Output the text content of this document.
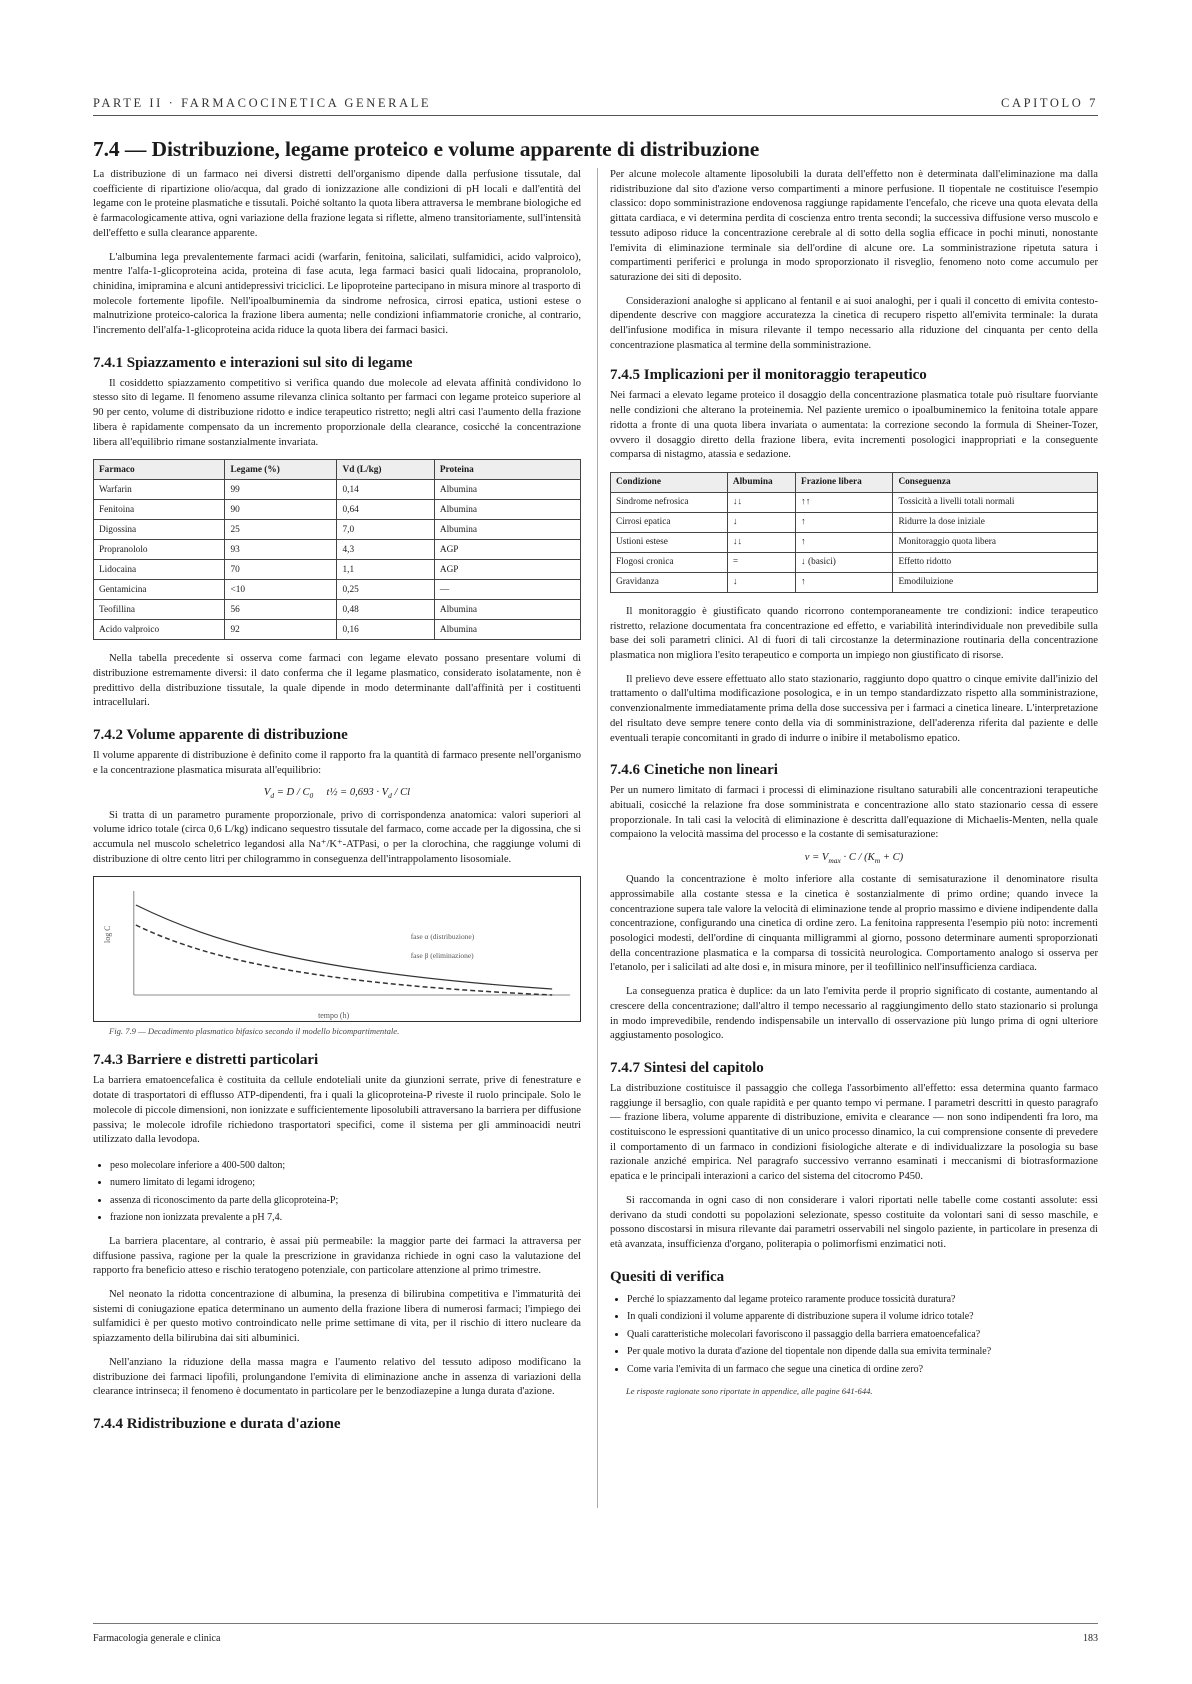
PARTE II · FARMACOCINETICA GENERALE	CAPITOLO 7
7.4 — Distribuzione, legame proteico e volume apparente di distribuzione

La distribuzione di un farmaco nei diversi distretti dell'organismo dipende dalla perfusione tissutale, dal coefficiente di ripartizione olio/acqua, dal grado di ionizzazione alle condizioni di pH locali e dall'entità del legame con le proteine plasmatiche e tissutali. Poiché soltanto la quota libera attraversa le membrane biologiche ed è farmacologicamente attiva, ogni variazione della frazione legata si riflette, almeno transitoriamente, sull'intensità dell'effetto e sulla clearance apparente.

L'albumina lega prevalentemente farmaci acidi (warfarin, fenitoina, salicilati, sulfamidici, acido valproico), mentre l'alfa-1-glicoproteina acida, proteina di fase acuta, lega farmaci basici quali lidocaina, propranololo, chinidina, imipramina e alcuni antidepressivi triciclici. Le lipoproteine partecipano in misura minore al trasporto di molecole fortemente lipofile. Nell'ipoalbuminemia da sindrome nefrosica, cirrosi epatica, ustioni estese o malnutrizione proteico-calorica la frazione libera aumenta; nelle condizioni infiammatorie croniche, al contrario, l'incremento dell'alfa-1-glicoproteina acida riduce la quota libera dei farmaci basici.

7.4.1 Spiazzamento e interazioni sul sito di legame

Il cosiddetto spiazzamento competitivo si verifica quando due molecole ad elevata affinità condividono lo stesso sito di legame. Il fenomeno assume rilevanza clinica soltanto per farmaci con legame proteico superiore al 90 per cento, volume di distribuzione ridotto e indice terapeutico ristretto; negli altri casi l'aumento della frazione libera è rapidamente compensato da un incremento proporzionale della clearance, cosicché la concentrazione libera all'equilibrio rimane sostanzialmente invariata.

Farmaco	Legame (%)	Vd (L/kg)	Proteina
Warfarin	99	0,14	Albumina
Fenitoina	90	0,64	Albumina
Digossina	25	7,0	Albumina
Propranololo	93	4,3	AGP
Lidocaina	70	1,1	AGP
Gentamicina	<10	0,25	—
Teofillina	56	0,48	Albumina
Acido valproico	92	0,16	Albumina

Nella tabella precedente si osserva come farmaci con legame elevato possano presentare volumi di distribuzione estremamente diversi: il dato conferma che il legame plasmatico, considerato isolatamente, non è predittivo della distribuzione tissutale, la quale dipende in modo determinante dall'affinità per i costituenti intracellulari.

7.4.2 Volume apparente di distribuzione

Il volume apparente di distribuzione è definito come il rapporto fra la quantità di farmaco presente nell'organismo e la concentrazione plasmatica misurata all'equilibrio:

$V_d = D / C_0$     t½ = $0,693 \cdot V_d / Cl$

Si tratta di un parametro puramente proporzionale, privo di corrispondenza anatomica: valori superiori al volume idrico totale (circa 0,6 L/kg) indicano sequestro tissutale del farmaco, come accade per la digossina, che si accumula nel muscolo scheletrico legandosi alla Na⁺/K⁺-ATPasi, o per la clorochina, che raggiunge volumi di distribuzione di oltre cento litri per chilogrammo in conseguenza dell'intrappolamento lisosomiale.

log C
tempo (h)
fase α (distribuzione)
fase β (eliminazione)
Fig. 7.9 — Decadimento plasmatico bifasico secondo il modello bicompartimentale.
7.4.3 Barriere e distretti particolari

La barriera ematoencefalica è costituita da cellule endoteliali unite da giunzioni serrate, prive di fenestrature e dotate di trasportatori di efflusso ATP-dipendenti, fra i quali la glicoproteina-P riveste il ruolo principale. Solo le molecole di piccole dimensioni, non ionizzate e sufficientemente liposolubili attraversano la barriera per diffusione passiva; le molecole idrofile richiedono trasportatori specifici, come il sistema per gli amminoacidi neutri utilizzato dalla levodopa.

• peso molecolare inferiore a 400-500 dalton;
• numero limitato di legami idrogeno;
• assenza di riconoscimento da parte della glicoproteina-P;
• frazione non ionizzata prevalente a pH 7,4.

La barriera placentare, al contrario, è assai più permeabile: la maggior parte dei farmaci la attraversa per diffusione passiva, ragione per la quale la prescrizione in gravidanza richiede in ogni caso la valutazione del rapporto fra beneficio atteso e rischio teratogeno potenziale, con particolare attenzione al primo trimestre.

Nel neonato la ridotta concentrazione di albumina, la presenza di bilirubina competitiva e l'immaturità dei sistemi di coniugazione epatica determinano un aumento della frazione libera di numerosi farmaci; l'impiego dei sulfamidici è per questo motivo controindicato nelle prime settimane di vita, per il rischio di ittero nucleare da spiazzamento della bilirubina dai siti albuminici.

Nell'anziano la riduzione della massa magra e l'aumento relativo del tessuto adiposo modificano la distribuzione dei farmaci lipofili, prolungandone l'emivita di eliminazione anche in assenza di variazioni della clearance intrinseca; il fenomeno è documentato in particolare per le benzodiazepine a lunga durata d'azione.

7.4.4 Ridistribuzione e durata d'azione

Per alcune molecole altamente liposolubili la durata dell'effetto non è determinata dall'eliminazione ma dalla ridistribuzione dal sito d'azione verso compartimenti a minore perfusione. Il tiopentale ne costituisce l'esempio classico: dopo somministrazione endovenosa raggiunge rapidamente l'encefalo, che riceve una quota elevata della gittata cardiaca, e vi determina perdita di coscienza entro trenta secondi; la successiva diffusione verso muscolo e tessuto adiposo riduce la concentrazione cerebrale al di sotto della soglia efficace in pochi minuti, nonostante l'emivita di eliminazione terminale sia dell'ordine di alcune ore. La somministrazione ripetuta satura i compartimenti periferici e prolunga in modo sproporzionato il risveglio, fenomeno noto come accumulo per saturazione dei siti di deposito.

Considerazioni analoghe si applicano al fentanil e ai suoi analoghi, per i quali il concetto di emivita contesto-dipendente descrive con maggiore accuratezza la cinetica di recupero rispetto all'emivita terminale: la durata dell'infusione modifica in misura rilevante il tempo necessario alla riduzione del cinquanta per cento della concentrazione plasmatica al termine della somministrazione.

7.4.5 Implicazioni per il monitoraggio terapeutico

Nei farmaci a elevato legame proteico il dosaggio della concentrazione plasmatica totale può risultare fuorviante nelle condizioni che alterano la proteinemia. Nel paziente uremico o ipoalbuminemico la fenitoina totale appare ridotta a fronte di una quota libera invariata o aumentata: la correzione secondo la formula di Sheiner-Tozer, ovvero il dosaggio diretto della frazione libera, evita incrementi posologici inappropriati e la conseguente comparsa di nistagmo, atassia e sedazione.

Condizione	Albumina	Frazione libera	Conseguenza
Sindrome nefrosica	↓↓	↑↑	Tossicità a livelli totali normali
Cirrosi epatica	↓	↑	Ridurre la dose iniziale
Ustioni estese	↓↓	↑	Monitoraggio quota libera
Flogosi cronica	=	↓ (basici)	Effetto ridotto
Gravidanza	↓	↑	Emodiluizione

Il monitoraggio è giustificato quando ricorrono contemporaneamente tre condizioni: indice terapeutico ristretto, relazione documentata fra concentrazione ed effetto, e variabilità interindividuale non prevedibile sulla base dei soli parametri clinici. Al di fuori di tali circostanze la determinazione routinaria della concentrazione plasmatica non migliora l'esito terapeutico e comporta un impiego non giustificato di risorse.

Il prelievo deve essere effettuato allo stato stazionario, raggiunto dopo quattro o cinque emivite dall'inizio del trattamento o dall'ultima modificazione posologica, e in un tempo standardizzato rispetto alla somministrazione, convenzionalmente immediatamente prima della dose successiva per i farmaci a cinetica lineare. L'interpretazione del risultato deve sempre tenere conto della via di somministrazione, dell'aderenza riferita dal paziente e delle eventuali terapie concomitanti in grado di indurre o inibire il metabolismo epatico.

7.4.6 Cinetiche non lineari

Per un numero limitato di farmaci i processi di eliminazione risultano saturabili alle concentrazioni terapeutiche abituali, cosicché la relazione fra dose somministrata e concentrazione allo stato stazionario cessa di essere proporzionale. In tali casi la velocità di eliminazione è descritta dall'equazione di Michaelis-Menten, nella quale compaiono la velocità massima del processo e la costante di semisaturazione:

$v = V_{max} \cdot C / (K_m + C)$

Quando la concentrazione è molto inferiore alla costante di semisaturazione il denominatore risulta approssimabile alla costante stessa e la cinetica è sostanzialmente di primo ordine; quando invece la concentrazione supera tale valore la velocità di eliminazione tende al proprio massimo e diviene indipendente dalla concentrazione, configurando una cinetica di ordine zero. La fenitoina rappresenta l'esempio più noto: incrementi posologici modesti, dell'ordine di cinquanta milligrammi al giorno, possono determinare aumenti sproporzionati della concentrazione plasmatica e la comparsa di tossicità neurologica. Comportamento analogo si osserva per l'etanolo, per i salicilati ad alte dosi e, in misura minore, per il teofillinico nell'insufficienza cardiaca.

La conseguenza pratica è duplice: da un lato l'emivita perde il proprio significato di costante, aumentando al crescere della concentrazione; dall'altro il tempo necessario al raggiungimento dello stato stazionario si prolunga in modo imprevedibile, rendendo indispensabile un intervallo di osservazione più lungo prima di ogni ulteriore aggiustamento posologico.

7.4.7 Sintesi del capitolo

La distribuzione costituisce il passaggio che collega l'assorbimento all'effetto: essa determina quanto farmaco raggiunge il bersaglio, con quale rapidità e per quanto tempo vi permane. I parametri descritti in questo paragrafo — frazione libera, volume apparente di distribuzione, emivita e clearance — non sono indipendenti fra loro, ma costituiscono le espressioni quantitative di un unico processo dinamico, la cui comprensione consente di prevedere il comportamento di un farmaco in condizioni fisiologiche alterate e di individualizzare la posologia su base razionale anziché empirica. Nel paragrafo successivo verranno esaminati i meccanismi di biotrasformazione epatica e le principali interazioni a carico del sistema del citocromo P450.

Si raccomanda in ogni caso di non considerare i valori riportati nelle tabelle come costanti assolute: essi derivano da studi condotti su popolazioni selezionate, spesso costituite da volontari sani di sesso maschile, e possono discostarsi in misura rilevante dai parametri osservabili nel singolo paziente, in particolare in presenza di età avanzata, insufficienza d'organo, politerapia o polimorfismi enzimatici noti.

Quesiti di verifica
• Perché lo spiazzamento dal legame proteico raramente produce tossicità duratura?
• In quali condizioni il volume apparente di distribuzione supera il volume idrico totale?
• Quali caratteristiche molecolari favoriscono il passaggio della barriera ematoencefalica?
• Per quale motivo la durata d'azione del tiopentale non dipende dalla sua emivita terminale?
• Come varia l'emivita di un farmaco che segue una cinetica di ordine zero?
Le risposte ragionate sono riportate in appendice, alle pagine 641-644.
Farmacologia generale e clinica	183
